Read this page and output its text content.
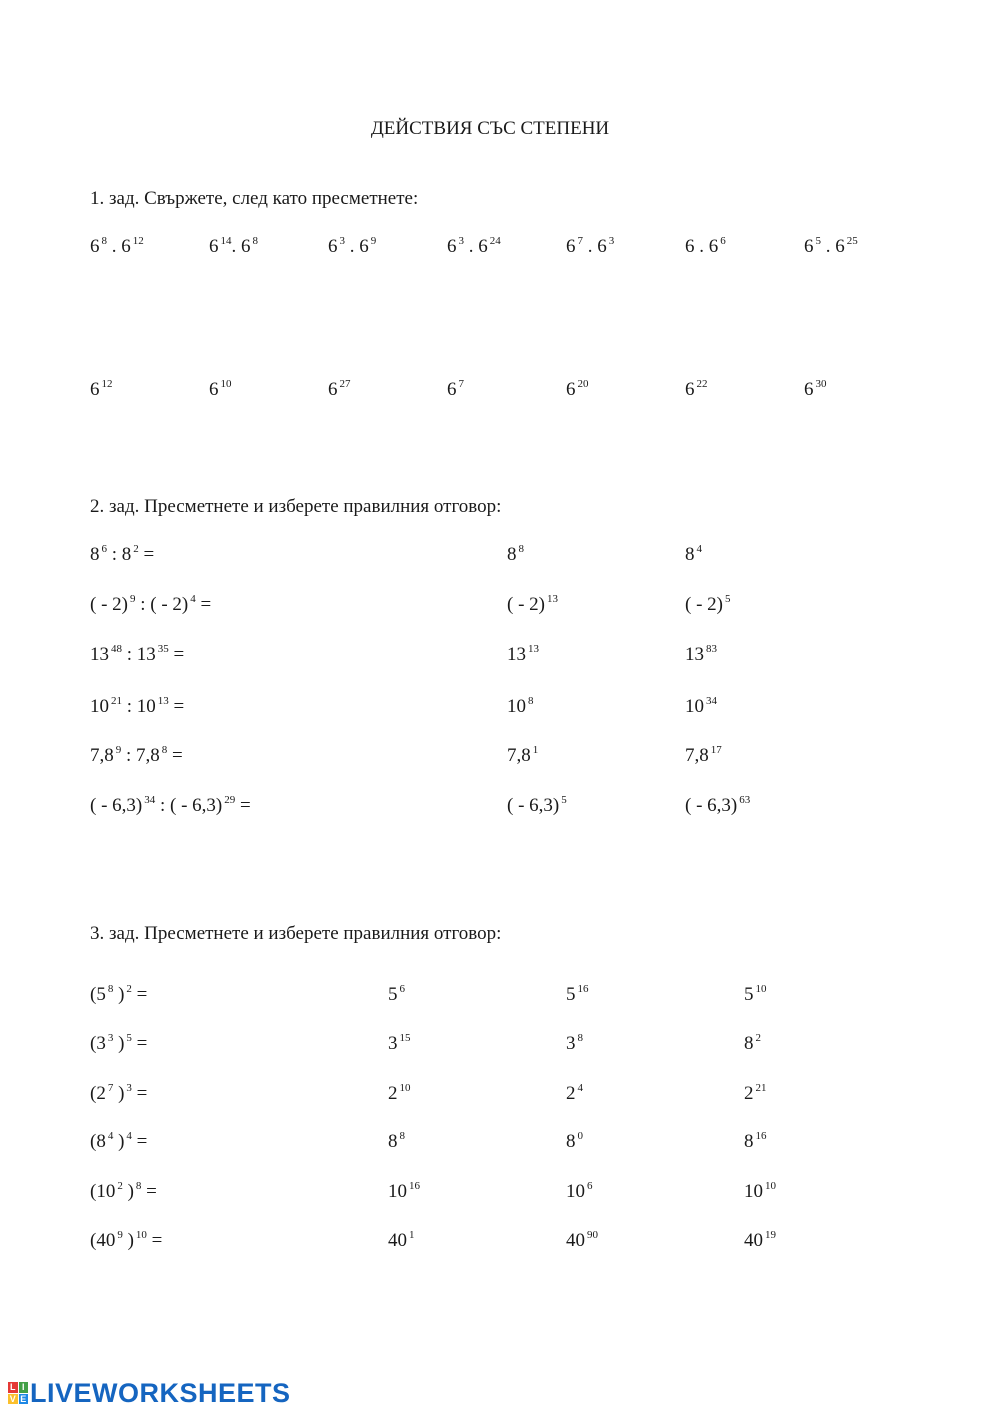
ДЕЙСТВИЯ СЪС СТЕПЕНИ
1. зад. Свържете, след като пресметнете:
6 $^8$ . 6 $^{12}$	6 $^{14}$. 6 $^8$	6 $^3$ . 6 $^9$	6 $^3$ . 6 $^{24}$	6 $^7$ . 6 $^3$	6 . 6 $^6$	6 $^5$ . 6 $^{25}$
6 $^{12}$	6 $^{10}$	6 $^{27}$	6 $^7$	6 $^{20}$	6 $^{22}$	6 $^{30}$
2. зад. Пресметнете и изберете правилния отговор:
8 $^6$ : 8 $^2$ =	8 $^8$	8 $^4$
( - 2) $^9$ : ( - 2) $^4$ =	( - 2) $^{13}$	( - 2) $^5$
13 $^{48}$ : 13 $^{35}$ =	13 $^{13}$	13 $^{83}$
10 $^{21}$ : 10 $^{13}$ =	10 $^8$	10 $^{34}$
7,8 $^9$ : 7,8 $^8$ =	7,8 $^1$	7,8 $^{17}$
( - 6,3) $^{34}$ : ( - 6,3) $^{29}$ =	( - 6,3) $^5$	( - 6,3) $^{63}$
3. зад. Пресметнете и изберете правилния отговор:
(5 $^8$ ) $^2$ =	5 $^6$	5 $^{16}$	5 $^{10}$
(3 $^3$ ) $^5$ =	3 $^{15}$	3 $^8$	8 $^2$
(2 $^7$ ) $^3$ =	2 $^{10}$	2 $^4$	2 $^{21}$
(8 $^4$ ) $^4$ =	8 $^8$	8 $^0$	8 $^{16}$
(10 $^2$ ) $^8$ =	10 $^{16}$	10 $^6$	10 $^{10}$
(40 $^9$ ) $^{10}$ =	40 $^1$	40 $^{90}$	40 $^{19}$
L I
V E LIVEWORKSHEETS
